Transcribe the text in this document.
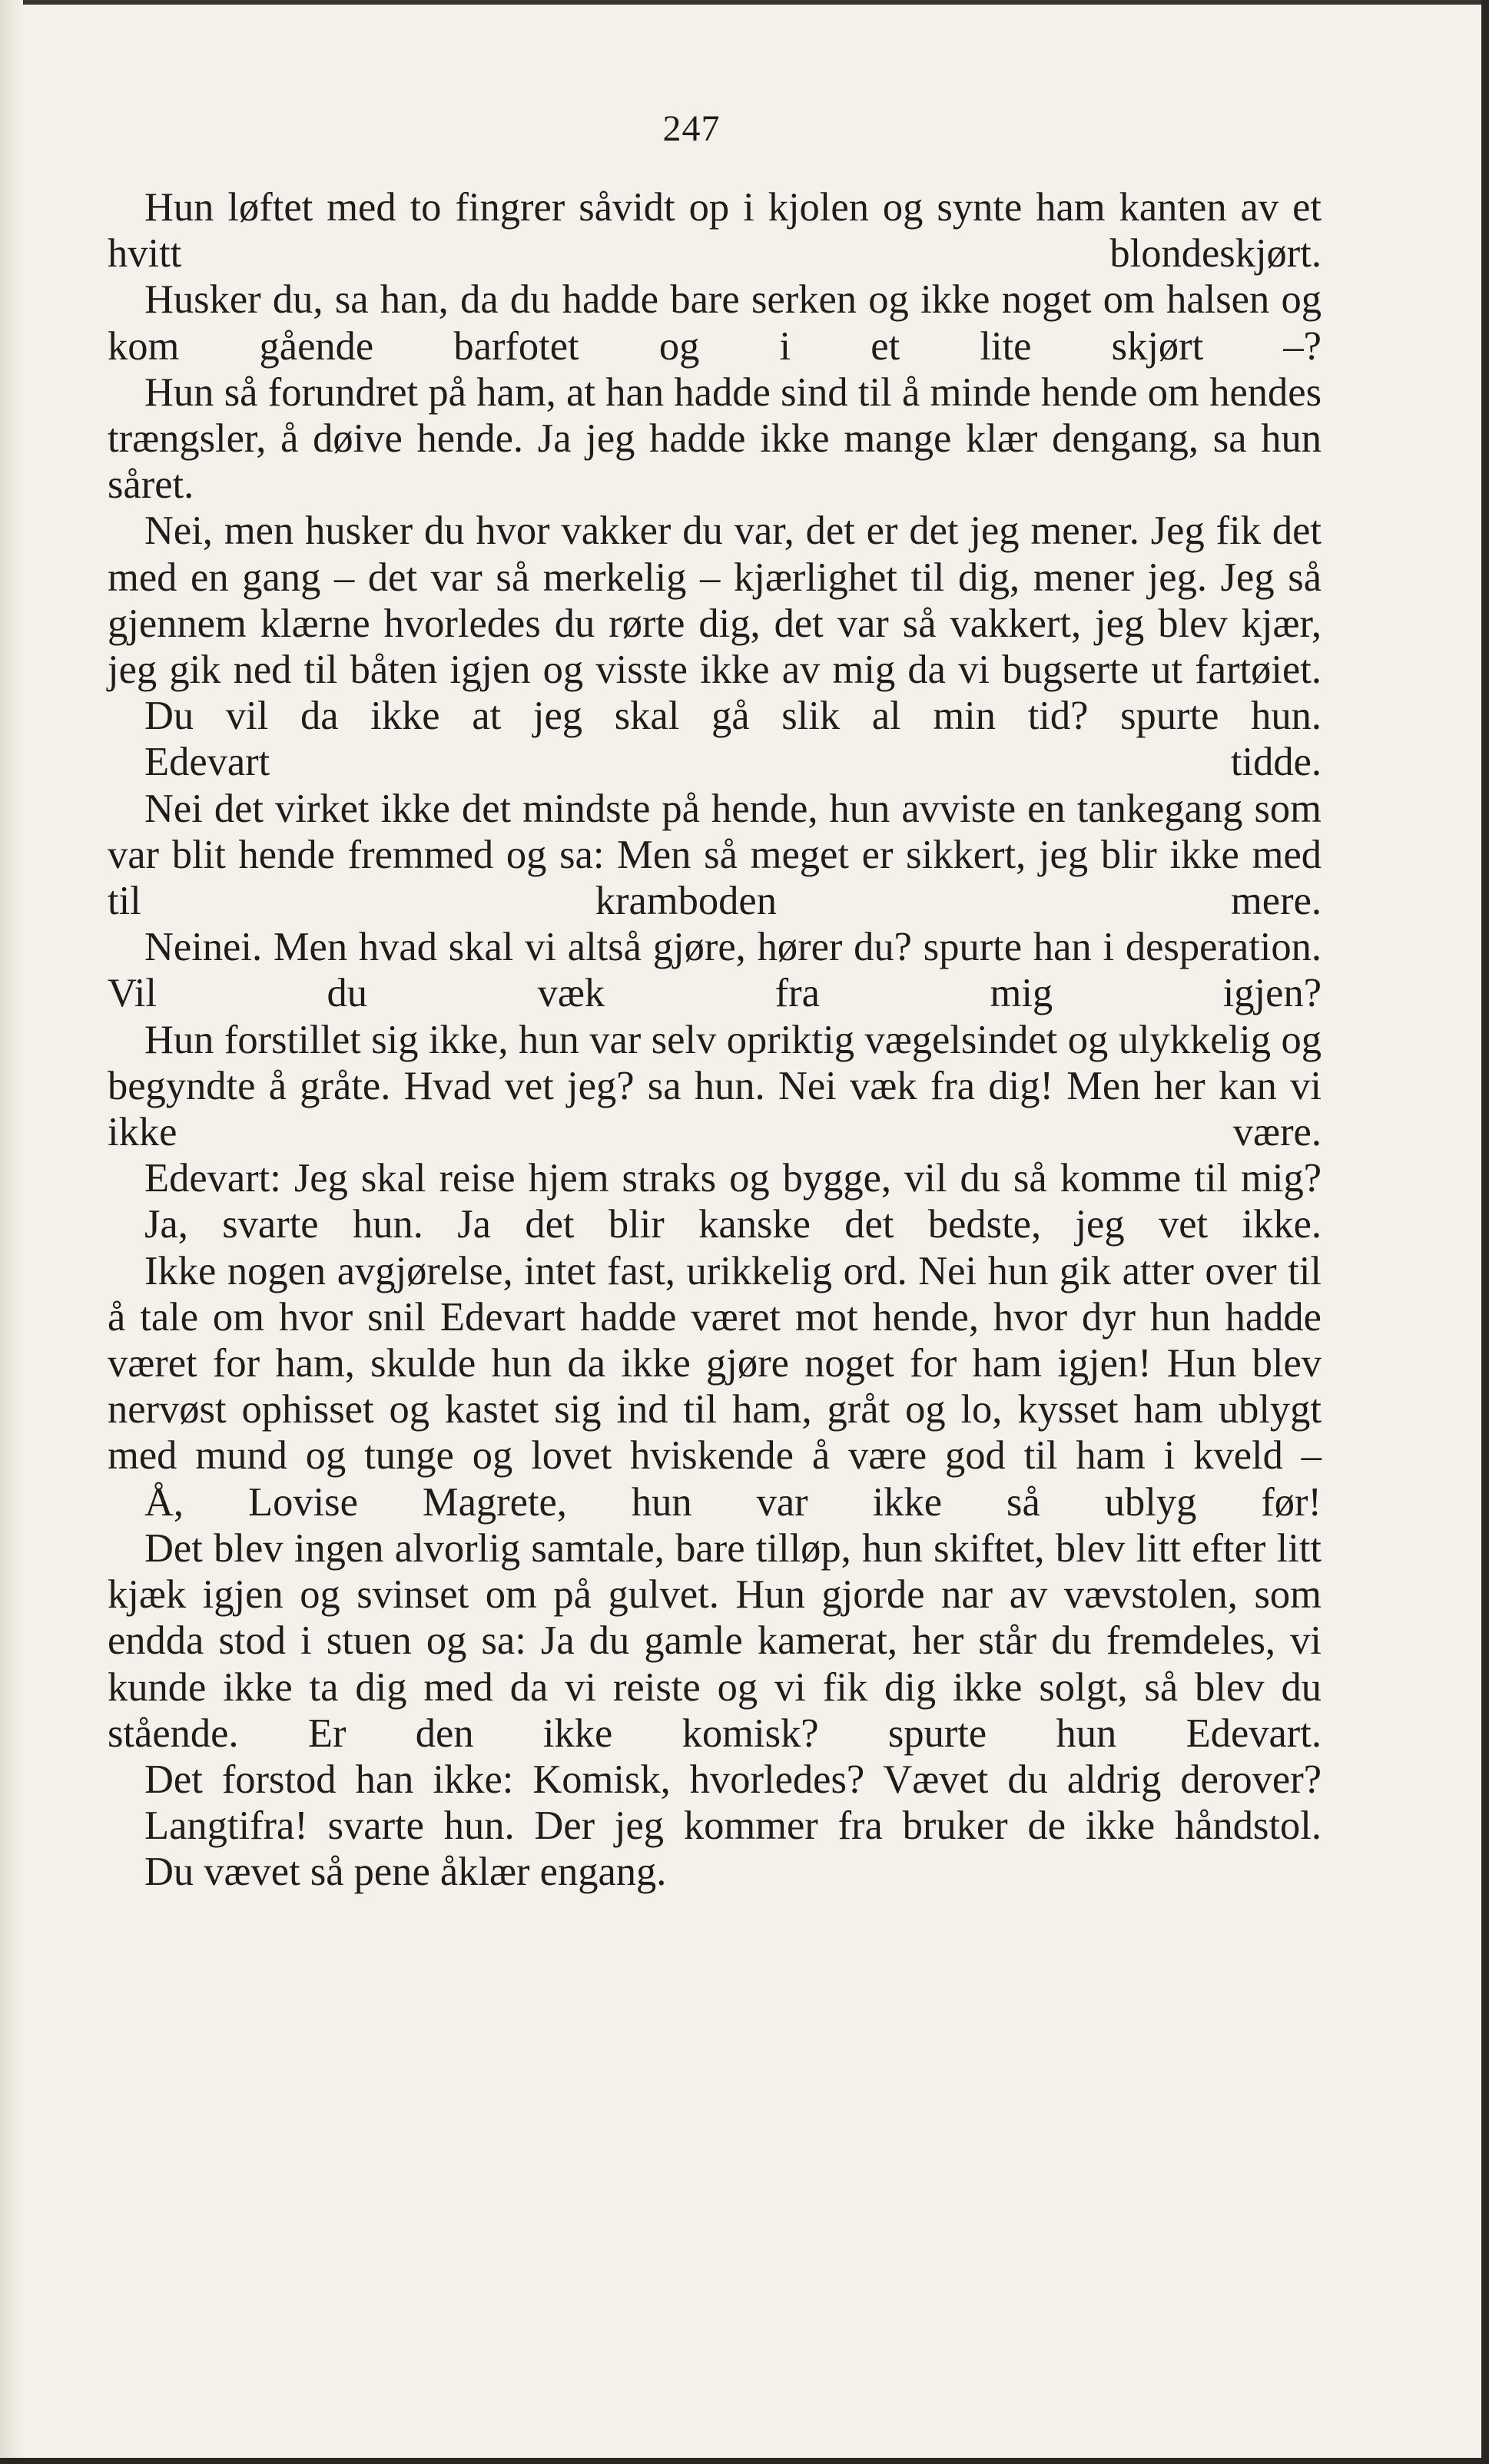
247

Hun løftet med to fingrer såvidt op i kjolen og synte ham kanten av et hvitt blondeskjørt.

Husker du, sa han, da du hadde bare serken og ikke noget om halsen og kom gående barfotet og i et lite skjørt –?

Hun så forundret på ham, at han hadde sind til å minde hende om hendes trængsler, å døive hende. Ja jeg hadde ikke mange klær dengang, sa hun såret.

Nei, men husker du hvor vakker du var, det er det jeg mener. Jeg fik det med en gang – det var så merkelig – kjærlighet til dig, mener jeg. Jeg så gjennem klærne hvorledes du rørte dig, det var så vakkert, jeg blev kjær, jeg gik ned til båten igjen og visste ikke av mig da vi bugserte ut fartøiet.

Du vil da ikke at jeg skal gå slik al min tid? spurte hun.

Edevart tidde.

Nei det virket ikke det mindste på hende, hun avviste en tankegang som var blit hende fremmed og sa: Men så meget er sikkert, jeg blir ikke med til kramboden mere.

Neinei. Men hvad skal vi altså gjøre, hører du? spurte han i desperation. Vil du væk fra mig igjen?

Hun forstillet sig ikke, hun var selv opriktig vægelsindet og ulykkelig og begyndte å gråte. Hvad vet jeg? sa hun. Nei væk fra dig! Men her kan vi ikke være.

Edevart: Jeg skal reise hjem straks og bygge, vil du så komme til mig?

Ja, svarte hun. Ja det blir kanske det bedste, jeg vet ikke.

Ikke nogen avgjørelse, intet fast, urikkelig ord. Nei hun gik atter over til å tale om hvor snil Edevart hadde været mot hende, hvor dyr hun hadde været for ham, skulde hun da ikke gjøre noget for ham igjen! Hun blev nervøst ophisset og kastet sig ind til ham, gråt og lo, kysset ham ublygt med mund og tunge og lovet hviskende å være god til ham i kveld –

Å, Lovise Magrete, hun var ikke så ublyg før!

Det blev ingen alvorlig samtale, bare tilløp, hun skiftet, blev litt efter litt kjæk igjen og svinset om på gulvet. Hun gjorde nar av vævstolen, som endda stod i stuen og sa: Ja du gamle kamerat, her står du fremdeles, vi kunde ikke ta dig med da vi reiste og vi fik dig ikke solgt, så blev du stående. Er den ikke komisk? spurte hun Edevart.

Det forstod han ikke: Komisk, hvorledes? Vævet du aldrig derover?

Langtifra! svarte hun. Der jeg kommer fra bruker de ikke håndstol.

Du vævet så pene åklær engang.
